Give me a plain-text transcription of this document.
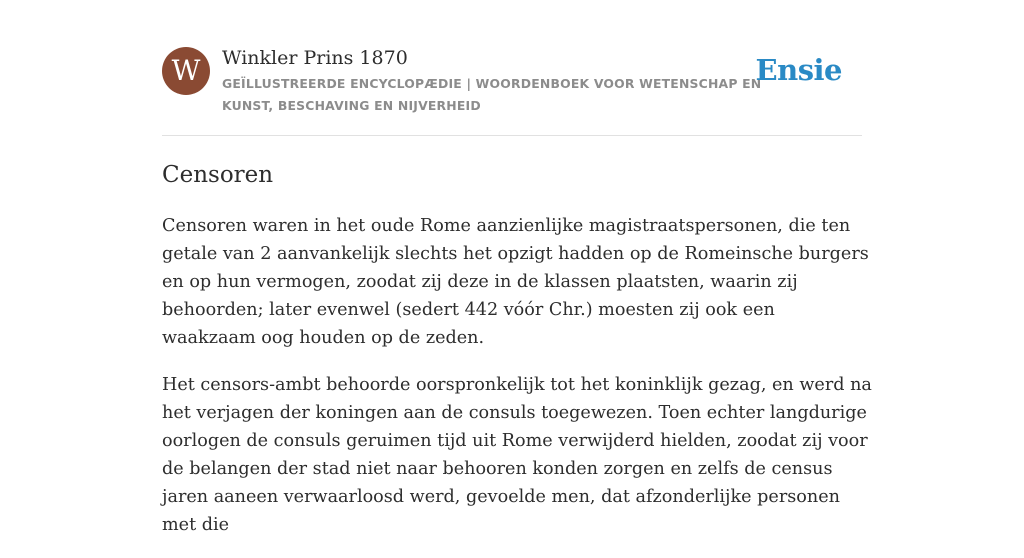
W	Winkler Prins 1870
GEÏLLUSTREERDE ENCYCLOPÆDIE | WOORDENBOEK VOOR WETENSCHAP EN KUNST, BESCHAVING EN NIJVERHEID
Ensie
Censoren

Censoren waren in het oude Rome aanzienlijke magistraatspersonen, die ten getale van 2 aanvankelijk slechts het opzigt hadden op de Romeinsche burgers en op hun vermogen, zoodat zij deze in de klassen plaatsten, waarin zij behoorden; later evenwel (sedert 442 vóór Chr.) moesten zij ook een waakzaam oog houden op de zeden.

Het censors-ambt behoorde oorspronkelijk tot het koninklijk gezag, en werd na het verjagen der koningen aan de consuls toegewezen. Toen echter langdurige oorlogen de consuls geruimen tijd uit Rome verwijderd hielden, zoodat zij voor de belangen der stad niet naar behooren konden zorgen en zelfs de census jaren aaneen verwaarloosd werd, gevoelde men, dat afzonderlijke personen met die
